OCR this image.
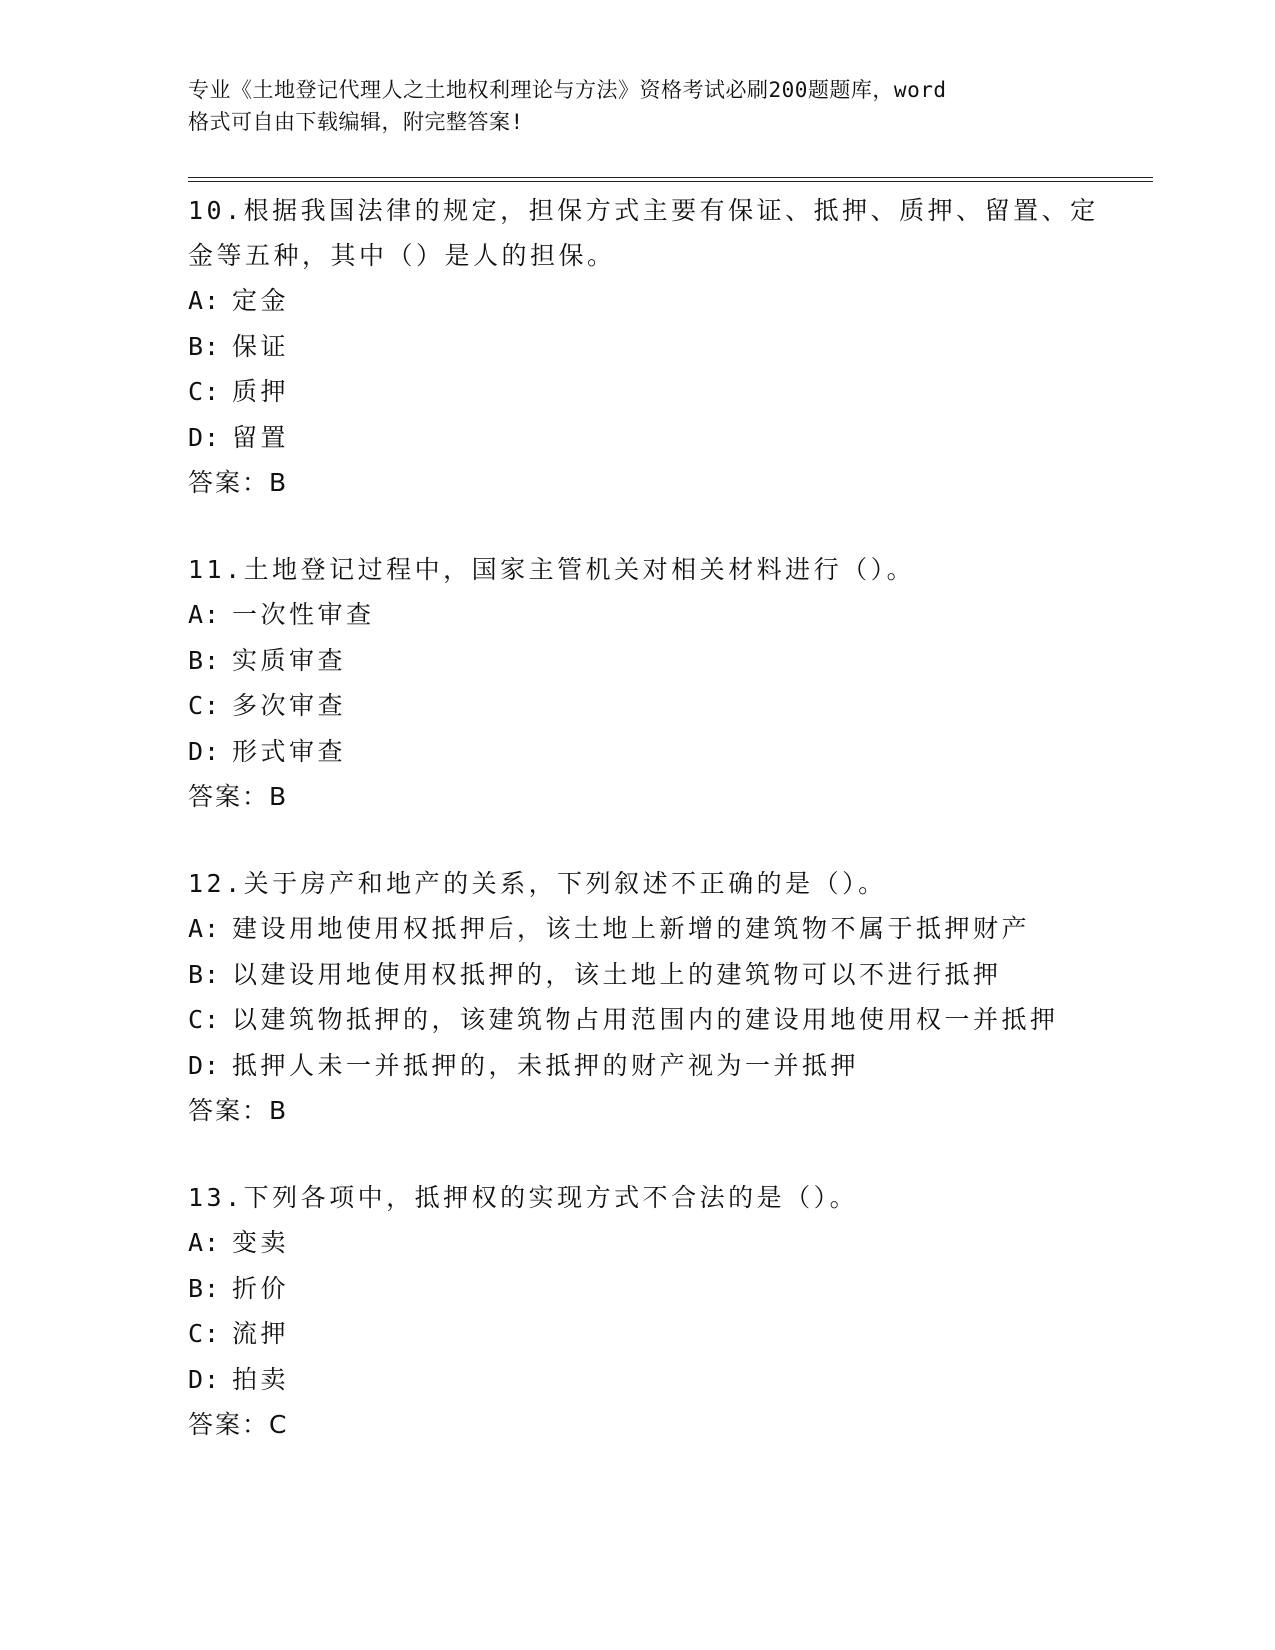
专业《土地登记代理人之土地权利理论与方法》资格考试必刷200题题库，word
格式可自由下载编辑，附完整答案!
10.根据我国法律的规定，担保方式主要有保证、抵押、质押、留置、定金等五种，其中（）是人的担保。
A: 定金
B: 保证
C: 质押
D: 留置
答案：B
11.土地登记过程中，国家主管机关对相关材料进行（）。
A: 一次性审查
B: 实质审查
C: 多次审查
D: 形式审查
答案：B
12.关于房产和地产的关系，下列叙述不正确的是（）。
A: 建设用地使用权抵押后，该土地上新增的建筑物不属于抵押财产
B: 以建设用地使用权抵押的，该土地上的建筑物可以不进行抵押
C: 以建筑物抵押的，该建筑物占用范围内的建设用地使用权一并抵押
D: 抵押人未一并抵押的，未抵押的财产视为一并抵押
答案：B
13.下列各项中，抵押权的实现方式不合法的是（）。
A: 变卖
B: 折价
C: 流押
D: 拍卖
答案：C
